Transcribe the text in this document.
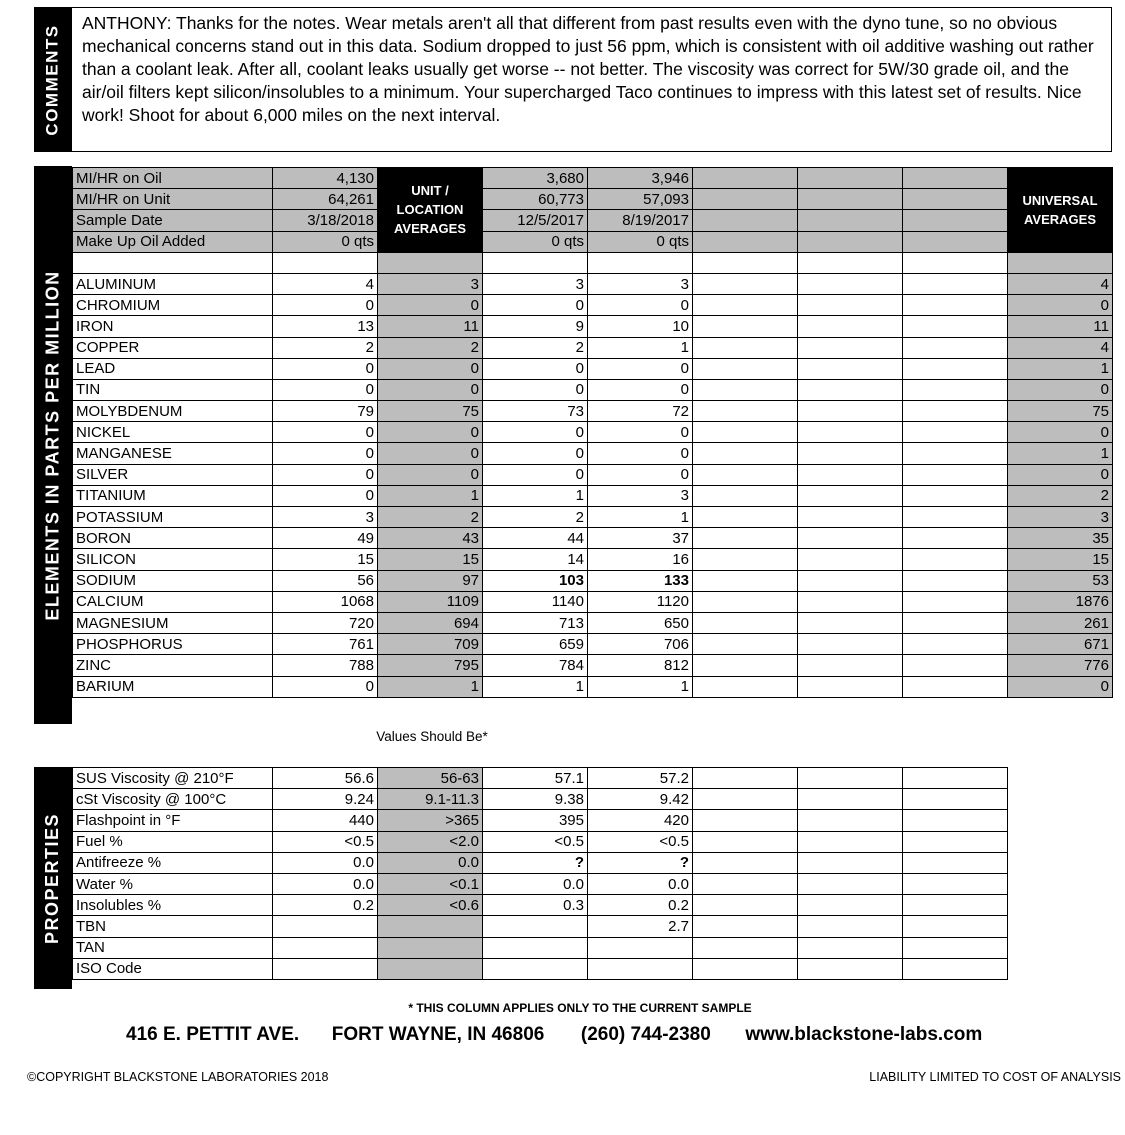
COMMENTS
ANTHONY: Thanks for the notes. Wear metals aren't all that different from past results even with the dyno tune, so no obvious mechanical concerns stand out in this data. Sodium dropped to just 56 ppm, which is consistent with oil additive washing out rather than a coolant leak. After all, coolant leaks usually get worse -- not better. The viscosity was correct for 5W/30 grade oil, and the air/oil filters kept silicon/insolubles to a minimum. Your supercharged Taco continues to impress with this latest set of results. Nice work! Shoot for about 6,000 miles on the next interval.
ELEMENTS IN PARTS PER MILLION
MI/HR on Oil	4,130	UNIT / LOCATION AVERAGES	3,680	3,946				UNIVERSAL AVERAGES
MI/HR on Unit	64,261		60,773	57,093				
Sample Date	3/18/2018		12/5/2017	8/19/2017				
Make Up Oil Added	0 qts		0 qts	0 qts				

ALUMINUM	4	3	3	3				4
CHROMIUM	0	0	0	0				0
IRON	13	11	9	10				11
COPPER	2	2	2	1				4
LEAD	0	0	0	0				1
TIN	0	0	0	0				0
MOLYBDENUM	79	75	73	72				75
NICKEL	0	0	0	0				0
MANGANESE	0	0	0	0				1
SILVER	0	0	0	0				0
TITANIUM	0	1	1	3				2
POTASSIUM	3	2	2	1				3
BORON	49	43	44	37				35
SILICON	15	15	14	16				15
SODIUM	56	97	103	133				53
CALCIUM	1068	1109	1140	1120				1876
MAGNESIUM	720	694	713	650				261
PHOSPHORUS	761	709	659	706				671
ZINC	788	795	784	812				776
BARIUM	0	1	1	1				0
Values Should Be*
PROPERTIES
SUS Viscosity @ 210°F	56.6	56-63	57.1	57.2			
cSt Viscosity @ 100°C	9.24	9.1-11.3	9.38	9.42			
Flashpoint in °F	440	>365	395	420			
Fuel %	<0.5	<2.0	<0.5	<0.5			
Antifreeze %	0.0	0.0	?	?			
Water %	0.0	<0.1	0.0	0.0			
Insolubles %	0.2	<0.6	0.3	0.2			
TBN				2.7			
TAN							
ISO Code							
* THIS COLUMN APPLIES ONLY TO THE CURRENT SAMPLE
416 E. PETTIT AVE. FORT WAYNE, IN 46806 (260) 744-2380 www.blackstone-labs.com
©COPYRIGHT BLACKSTONE LABORATORIES 2018	LIABILITY LIMITED TO COST OF ANALYSIS
